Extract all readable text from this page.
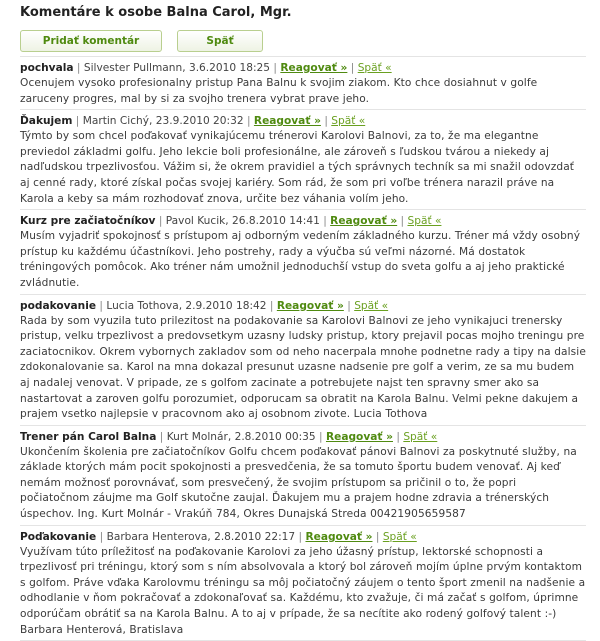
Komentáre k osobe Balna Carol, Mgr.
Pridať komentár	Späť
pochvala | Silvester Pullmann, 3.6.2010 18:25 | Reagovať » | Späť «
Ocenujem vysoko profesionalny pristup Pana Balnu k svojim ziakom. Kto chce dosiahnut v golfe zaruceny progres, mal by si za svojho trenera vybrat prave jeho.
Ďakujem | Martin Cichý, 23.9.2010 20:32 | Reagovať » | Späť «
Týmto by som chcel poďakovať vynikajúcemu trénerovi Karolovi Balnovi, za to, že ma elegantne previedol základmi golfu. Jeho lekcie boli profesionálne, ale zároveň s ľudskou tvárou a niekedy aj nadľudskou trpezlivosťou. Vážim si, že okrem pravidiel a tých správnych techník sa mi snažil odovzdať aj cenné rady, ktoré získal počas svojej kariéry. Som rád, že som pri voľbe trénera narazil práve na Karola a keby sa mám rozhodovať znova, určite bez váhania volím jeho.
Kurz pre začiatočníkov | Pavol Kucik, 26.8.2010 14:41 | Reagovať » | Späť «
Musím vyjadriť spokojnosť s prístupom aj odborným vedením základného kurzu. Tréner má vždy osobný prístup ku každému účastníkovi. Jeho postrehy, rady a výučba sú veľmi názorné. Má dostatok tréningových pomôcok. Ako tréner nám umožnil jednoduchší vstup do sveta golfu a aj jeho praktické zvládnutie.
podakovanie | Lucia Tothova, 2.9.2010 18:42 | Reagovať » | Späť «
Rada by som vyuzila tuto prilezitost na podakovanie sa Karolovi Balnovi ze jeho vynikajuci trenersky pristup, velku trpezlivost a predovsetkym uzasny ludsky pristup, ktory prejavil pocas mojho treningu pre zaciatocnikov. Okrem vybornych zakladov som od neho nacerpala mnohe podnetne rady a tipy na dalsie zdokonalovanie sa. Karol na mna dokazal presunut uzasne nadsenie pre golf a verim, ze sa mu budem aj nadalej venovat. V pripade, ze s golfom zacinate a potrebujete najst ten spravny smer ako sa nastartovat a zaroven golfu porozumiet, odporucam sa obratit na Karola Balnu. Velmi pekne dakujem a prajem vsetko najlepsie v pracovnom ako aj osobnom zivote. Lucia Tothova
Trener pán Carol Balna | Kurt Molnár, 2.8.2010 00:35 | Reagovať » | Späť «
Ukončením školenia pre začiatočníkov Golfu chcem poďakovať pánovi Balnovi za poskytnuté služby, na základe ktorých mám pocit spokojnosti a presvedčenia, že sa tomuto športu budem venovať. Aj keď nemám možnosť porovnávať, som presvečený, že svojim prístupom sa pričinil o to, že popri počiatočnom záujme ma Golf skutočne zaujal. Ďakujem mu a prajem hodne zdravia a trénerských úspechov. Ing. Kurt Molnár - Vrakúň 784, Okres Dunajská Streda 00421905659587
Poďakovanie | Barbara Henterova, 2.8.2010 22:17 | Reagovať » | Späť «
Využívam túto príležitosť na poďakovanie Karolovi za jeho úžasný prístup, lektorské schopnosti a trpezlivosť pri tréningu, ktorý som s ním absolvovala a ktorý bol zároveň mojím úplne prvým kontaktom s golfom. Práve vďaka Karolovmu tréningu sa môj počiatočný záujem o tento šport zmenil na nadšenie a odhodlanie v ňom pokračovať a zdokonaľovať sa. Každému, kto zvažuje, či má začať s golfom, úprimne odporúčam obrátiť sa na Karola Balnu. A to aj v prípade, že sa necítite ako rodený golfový talent :-) Barbara Henterová, Bratislava
